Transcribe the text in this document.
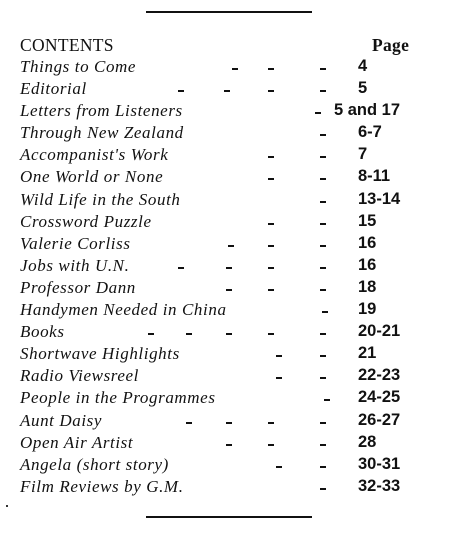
CONTENTS	Page
Things to Come	4
Editorial	5
Letters from Listeners	5 and 17
Through New Zealand	6-7
Accompanist's Work	7
One World or None	8-11
Wild Life in the South	13-14
Crossword Puzzle	15
Valerie Corliss	16
Jobs with U.N.	16
Professor Dann	18
Handymen Needed in China	19
Books	20-21
Shortwave Highlights	21
Radio Viewsreel	22-23
People in the Programmes	24-25
Aunt Daisy	26-27
Open Air Artist	28
Angela (short story)	30-31
Film Reviews by G.M.	32-33
